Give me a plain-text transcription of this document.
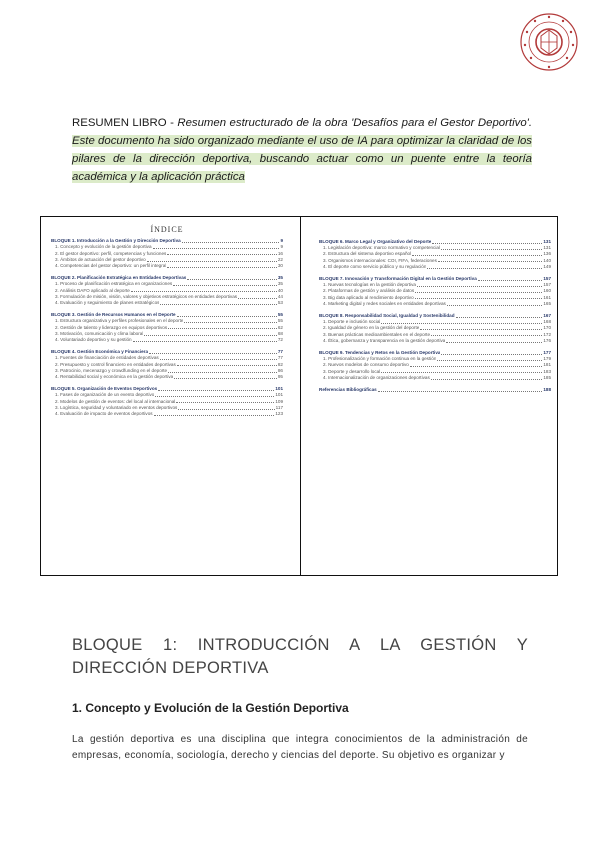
RESUMEN LIBRO - Resumen estructurado de la obra 'Desafíos para el Gestor Deportivo'. Este documento ha sido organizado mediante el uso de IA para optimizar la claridad de los pilares de la dirección deportiva, buscando actuar como un puente entre la teoría académica y la aplicación práctica

ÍNDICE
BLOQUE 1. Introducción a la Gestión y Dirección Deportiva	9
1. Concepto y evolución de la gestión deportiva	9
2. El gestor deportivo: perfil, competencias y funciones	16
3. Ámbitos de actuación del gestor deportivo	22
4. Competencias del gestor deportivo: un perfil integral	30
BLOQUE 2. Planificación Estratégica en Entidades Deportivas	35
1. Proceso de planificación estratégica en organizaciones	35
2. Análisis DAFO aplicado al deporte	40
3. Formulación de misión, visión, valores y objetivos estratégicos en entidades deportivas	44
4. Evaluación y seguimiento de planes estratégicos	53
BLOQUE 3. Gestión de Recursos Humanos en el Deporte	55
1. Estructura organizativa y perfiles profesionales en el deporte	55
2. Gestión de talento y liderazgo en equipos deportivos	62
3. Motivación, comunicación y clima laboral	68
4. Voluntariado deportivo y su gestión	72
BLOQUE 4. Gestión Económica y Financiera	77
1. Fuentes de financiación de entidades deportivas	77
2. Presupuesto y control financiero en entidades deportivas	82
3. Patrocinio, mecenazgo y crowdfunding en el deporte	86
4. Rentabilidad social y económica en la gestión deportiva	95
BLOQUE 5. Organización de Eventos Deportivos	101
1. Fases de organización de un evento deportivo	101
2. Modelos de gestión de eventos: del local al internacional	109
3. Logística, seguridad y voluntariado en eventos deportivos	117
4. Evaluación de impacto de eventos deportivos	123
BLOQUE 6. Marco Legal y Organizativo del Deporte	131
1. Legislación deportiva: marco normativo y competencial	131
2. Estructura del sistema deportivo español	136
3. Organismos internacionales: COI, FIFA, federaciones	140
4. El deporte como servicio público y su regulación	149
BLOQUE 7. Innovación y Transformación Digital en la Gestión Deportiva	157
1. Nuevas tecnologías en la gestión deportiva	157
2. Plataformas de gestión y análisis de datos	160
3. Big data aplicado al rendimiento deportivo	161
4. Marketing digital y redes sociales en entidades deportivas	165
BLOQUE 8. Responsabilidad Social, Igualdad y Sostenibilidad	167
1. Deporte e inclusión social	168
2. Igualdad de género en la gestión del deporte	170
3. Buenas prácticas medioambientales en el deporte	172
4. Ética, gobernanza y transparencia en la gestión deportiva	176
BLOQUE 9. Tendencias y Retos en la Gestión Deportiva	177
1. Profesionalización y formación continua en la gestión	179
2. Nuevos modelos de consumo deportivo	181
3. Deporte y desarrollo local	183
4. Internacionalización de organizaciones deportivas	185
Referencias Bibliográficas	188
BLOQUE 1: INTRODUCCIÓN A LA GESTIÓN Y DIRECCIÓN DEPORTIVA
1. Concepto y Evolución de la Gestión Deportiva

La gestión deportiva es una disciplina que integra conocimientos de la administración de empresas, economía, sociología, derecho y ciencias del deporte. Su objetivo es organizar y
